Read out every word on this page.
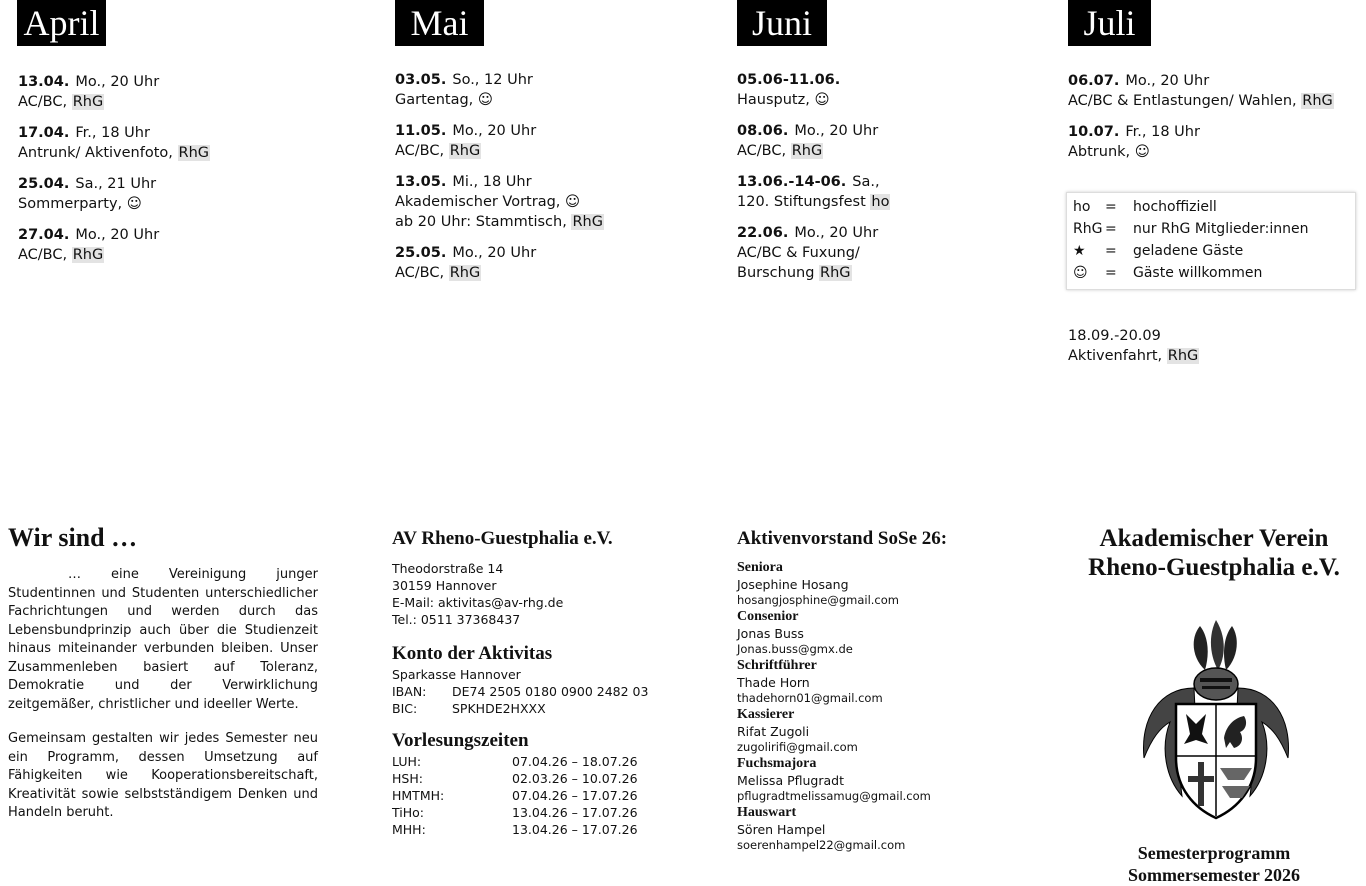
April	Mai	Juni	Juli
13.04. Mo., 20 Uhr
AC/BC, RhG
17.04. Fr., 18 Uhr
Antrunk/ Aktivenfoto, RhG
25.04. Sa., 21 Uhr
Sommerparty, ☺
27.04. Mo., 20 Uhr
AC/BC, RhG
03.05. So., 12 Uhr
Gartentag, ☺
11.05. Mo., 20 Uhr
AC/BC, RhG
13.05. Mi., 18 Uhr
Akademischer Vortrag, ☺
ab 20 Uhr: Stammtisch, RhG
25.05. Mo., 20 Uhr
AC/BC, RhG
05.06-11.06.
Hausputz, ☺
08.06. Mo., 20 Uhr
AC/BC, RhG
13.06.-14-06. Sa.,
120. Stiftungsfest ho
22.06. Mo., 20 Uhr
AC/BC & Fuxung/
Burschung RhG
06.07. Mo., 20 Uhr
AC/BC & Entlastungen/ Wahlen, RhG
10.07. Fr., 18 Uhr
Abtrunk, ☺
ho	=	hochoffiziell
RhG =	nur RhG Mitglieder:innen
★	=	geladene Gäste
☺	=	Gäste willkommen
18.09.-20.09
Aktivenfahrt, RhG
Wir sind …
… eine Vereinigung junger Studentinnen und Studenten unterschiedlicher Fachrichtungen und werden durch das Lebensbundprinzip auch über die Studienzeit hinaus miteinander verbunden bleiben. Unser Zusammenleben basiert auf Toleranz, Demokratie und der Verwirklichung zeitgemäßer, christlicher und ideeller Werte.
Gemeinsam gestalten wir jedes Semester neu ein Programm, dessen Umsetzung auf Fähigkeiten wie Kooperationsbereitschaft, Kreativität sowie selbstständigem Denken und Handeln beruht.
AV Rheno-Guestphalia e.V.
Theodorstraße 14
30159 Hannover
E-Mail: aktivitas@av-rhg.de
Tel.: 0511 37368437
Konto der Aktivitas
Sparkasse Hannover
IBAN:	DE74 2505 0180 0900 2482 03
BIC:	SPKHDE2HXXX
Vorlesungszeiten
LUH:	07.04.26 – 18.07.26
HSH:	02.03.26 – 10.07.26
HMTMH:	07.04.26 – 17.07.26
TiHo:	13.04.26 – 17.07.26
MHH:	13.04.26 – 17.07.26
Aktivenvorstand SoSe 26:
Seniora
Josephine Hosang
hosangjosphine@gmail.com
Consenior
Jonas Buss
Jonas.buss@gmx.de
Schriftführer
Thade Horn
thadehorn01@gmail.com
Kassierer
Rifat Zugoli
zugolirifi@gmail.com
Fuchsmajora
Melissa Pflugradt
pflugradtmelissamug@gmail.com
Hauswart
Sören Hampel
soerenhampel22@gmail.com
Akademischer Verein
Rheno-Guestphalia e.V.
Semesterprogramm
Sommersemester 2026
